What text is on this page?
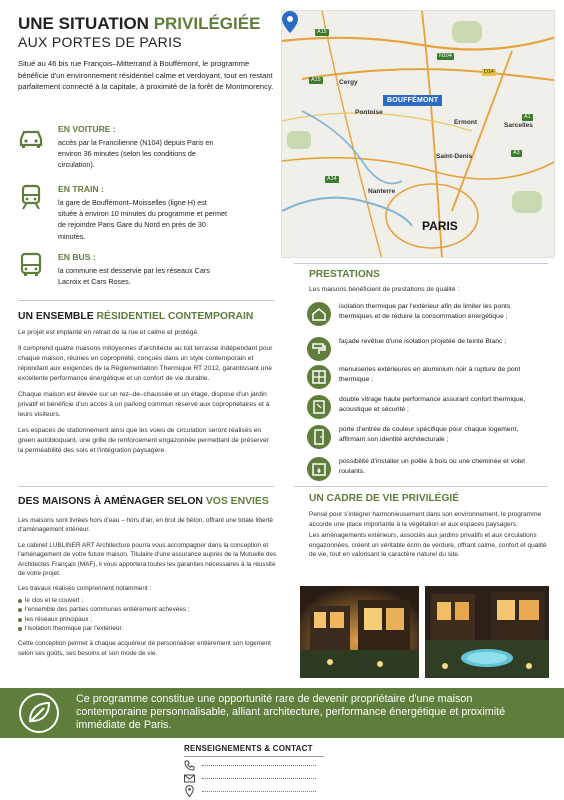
UNE SITUATION PRIVILÉGIÉE
AUX PORTES DE PARIS
Situé au 46 bis rue François–Mitterrand à Bouffémont, le programme bénéficie d'un environnement résidentiel calme et verdoyant, tout en restant parfaitement connecté à la capitale, à proximité de la forêt de Montmorency.
EN VOITURE :
accès par la Francilienne (N104) depuis Paris en environ 36 minutes (selon les conditions de circulation).
EN TRAIN :
la gare de Bouffémont–Moisselles (ligne H) est située à environ 10 minutes du programme et permet de rejoindre Paris Gare du Nord en près de 30 minutes.
EN BUS :
la commune est desservie par les réseaux Cars Lacroix et Cars Roses.
A15
A15
N104
D14
A1
A3
A14
Cergy
Pontoise
Ermont	Sarcelles
Saint-Denis
Nanterre
BOUFFÉMONT
PARIS
UN ENSEMBLE RÉSIDENTIEL CONTEMPORAIN

Le projet est implanté en retrait de la rue et calme et protégé.

Il comprend quatre maisons mitoyennes d'architecte au toit terrasse indépendant pour chaque maison, réunies en copropriété, conçues dans un style contemporain et répondant aux exigences de la Réglementation Thermique RT 2012, garantissant une excellente performance énergétique et un confort de vie durable.

Chaque maison est élevée sur un rez–de–chaussée et un étage, dispose d'un jardin privatif et bénéficie d'un accès à un parking commun réservé aux copropriétaires et à leurs visiteurs.

Les espaces de stationnement ainsi que les voies de circulation seront réalisés en green autobloquant, une grille de renforcement engazonnée permettant de préserver la perméabilité des sols et l'intégration paysagère.

DES MAISONS À AMÉNAGER SELON VOS ENVIES

Les maisons sont livrées hors d'eau – hors d'air, en brut de béton, offrant une totale liberté d'aménagement intérieur.

Le cabinet LUBLINER ART Architecture pourra vous accompagner dans la conception et l'aménagement de votre future maison. Titulaire d'une assurance auprès de la Mutuelle des Architectes Français (MAF), il vous apportera toutes les garanties nécessaires à la réussite de votre projet.

Les travaux réalisés comprennent notamment :

le clos et le couvert ;
l'ensemble des parties communes entièrement achevées ;
les réseaux principaux ;
l'isolation thermique par l'extérieur.

Cette conception permet à chaque acquéreur de personnaliser entièrement son logement selon ses goûts, ses besoins et son mode de vie.

PRESTATIONS
Les maisons bénéficient de prestations de qualité :
isolation thermique par l'extérieur afin de limiter les ponts thermiques et de réduire la consommation énergétique ;
façade revêtue d'une isolation projetée de teinte Blanc ;
menuiseries extérieures en aluminium noir à rupture de pont thermique ;
double vitrage haute performance assurant confort thermique, acoustique et sécurité ;
porte d'entrée de couleur spécifique pour chaque logement, affirmant son identité architecturale ;
possibilité d'installer un poêle à bois ou une cheminée et volet roulants.
UN CADRE DE VIE PRIVILÉGIÉ

Pensé pour s'intégrer harmonieusement dans son environnement, le programme accorde une place importante à la végétation et aux espaces paysagers.

Les aménagements extérieurs, associés aux jardins privatifs et aux circulations engazonnées, créent un véritable écrin de verdure, offrant calme, confort et qualité de vie, tout en valorisant le caractère naturel du site.

Ce programme constitue une opportunité rare de devenir propriétaire d'une maison contemporaine personnalisable, alliant architecture, performance énergétique et proximité immédiate de Paris.
RENSEIGNEMENTS & CONTACT
